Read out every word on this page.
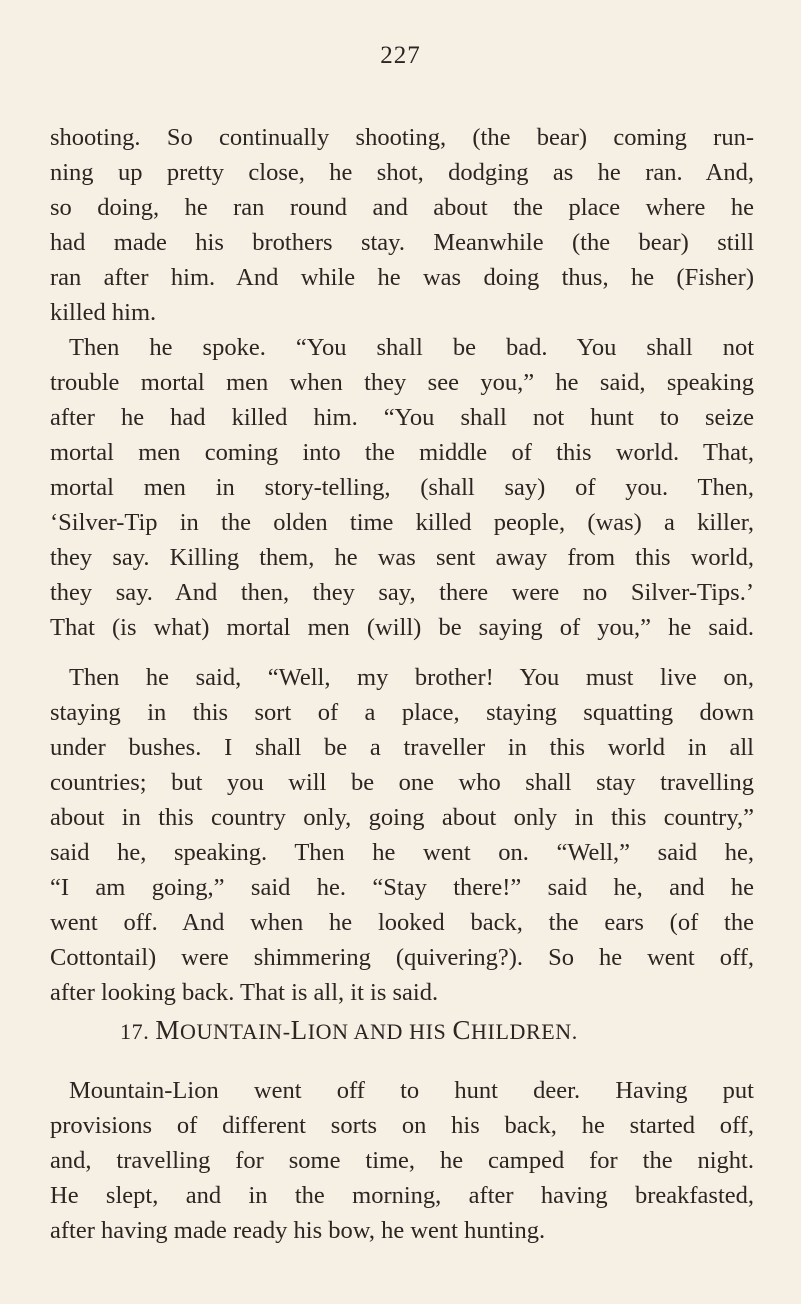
227
shooting. So continually shooting, (the bear) coming run-
ning up pretty close, he shot, dodging as he ran. And,
so doing, he ran round and about the place where he
had made his brothers stay. Meanwhile (the bear) still
ran after him. And while he was doing thus, he (Fisher)
killed him.
Then he spoke. “You shall be bad. You shall not
trouble mortal men when they see you,” he said, speaking
after he had killed him. “You shall not hunt to seize
mortal men coming into the middle of this world. That,
mortal men in story-telling, (shall say) of you. Then,
‘Silver-Tip in the olden time killed people, (was) a killer,
they say. Killing them, he was sent away from this world,
they say. And then, they say, there were no Silver-Tips.’
That (is what) mortal men (will) be saying of you,” he said.
Then he said, “Well, my brother! You must live on,
staying in this sort of a place, staying squatting down
under bushes. I shall be a traveller in this world in all
countries; but you will be one who shall stay travelling
about in this country only, going about only in this country,”
said he, speaking. Then he went on. “Well,” said he,
“I am going,” said he. “Stay there!” said he, and he
went off. And when he looked back, the ears (of the
Cottontail) were shimmering (quivering?). So he went off,
after looking back. That is all, it is said.
17. MOUNTAIN-LION AND HIS CHILDREN.
Mountain-Lion went off to hunt deer. Having put
provisions of different sorts on his back, he started off,
and, travelling for some time, he camped for the night.
He slept, and in the morning, after having breakfasted,
after having made ready his bow, he went hunting.
